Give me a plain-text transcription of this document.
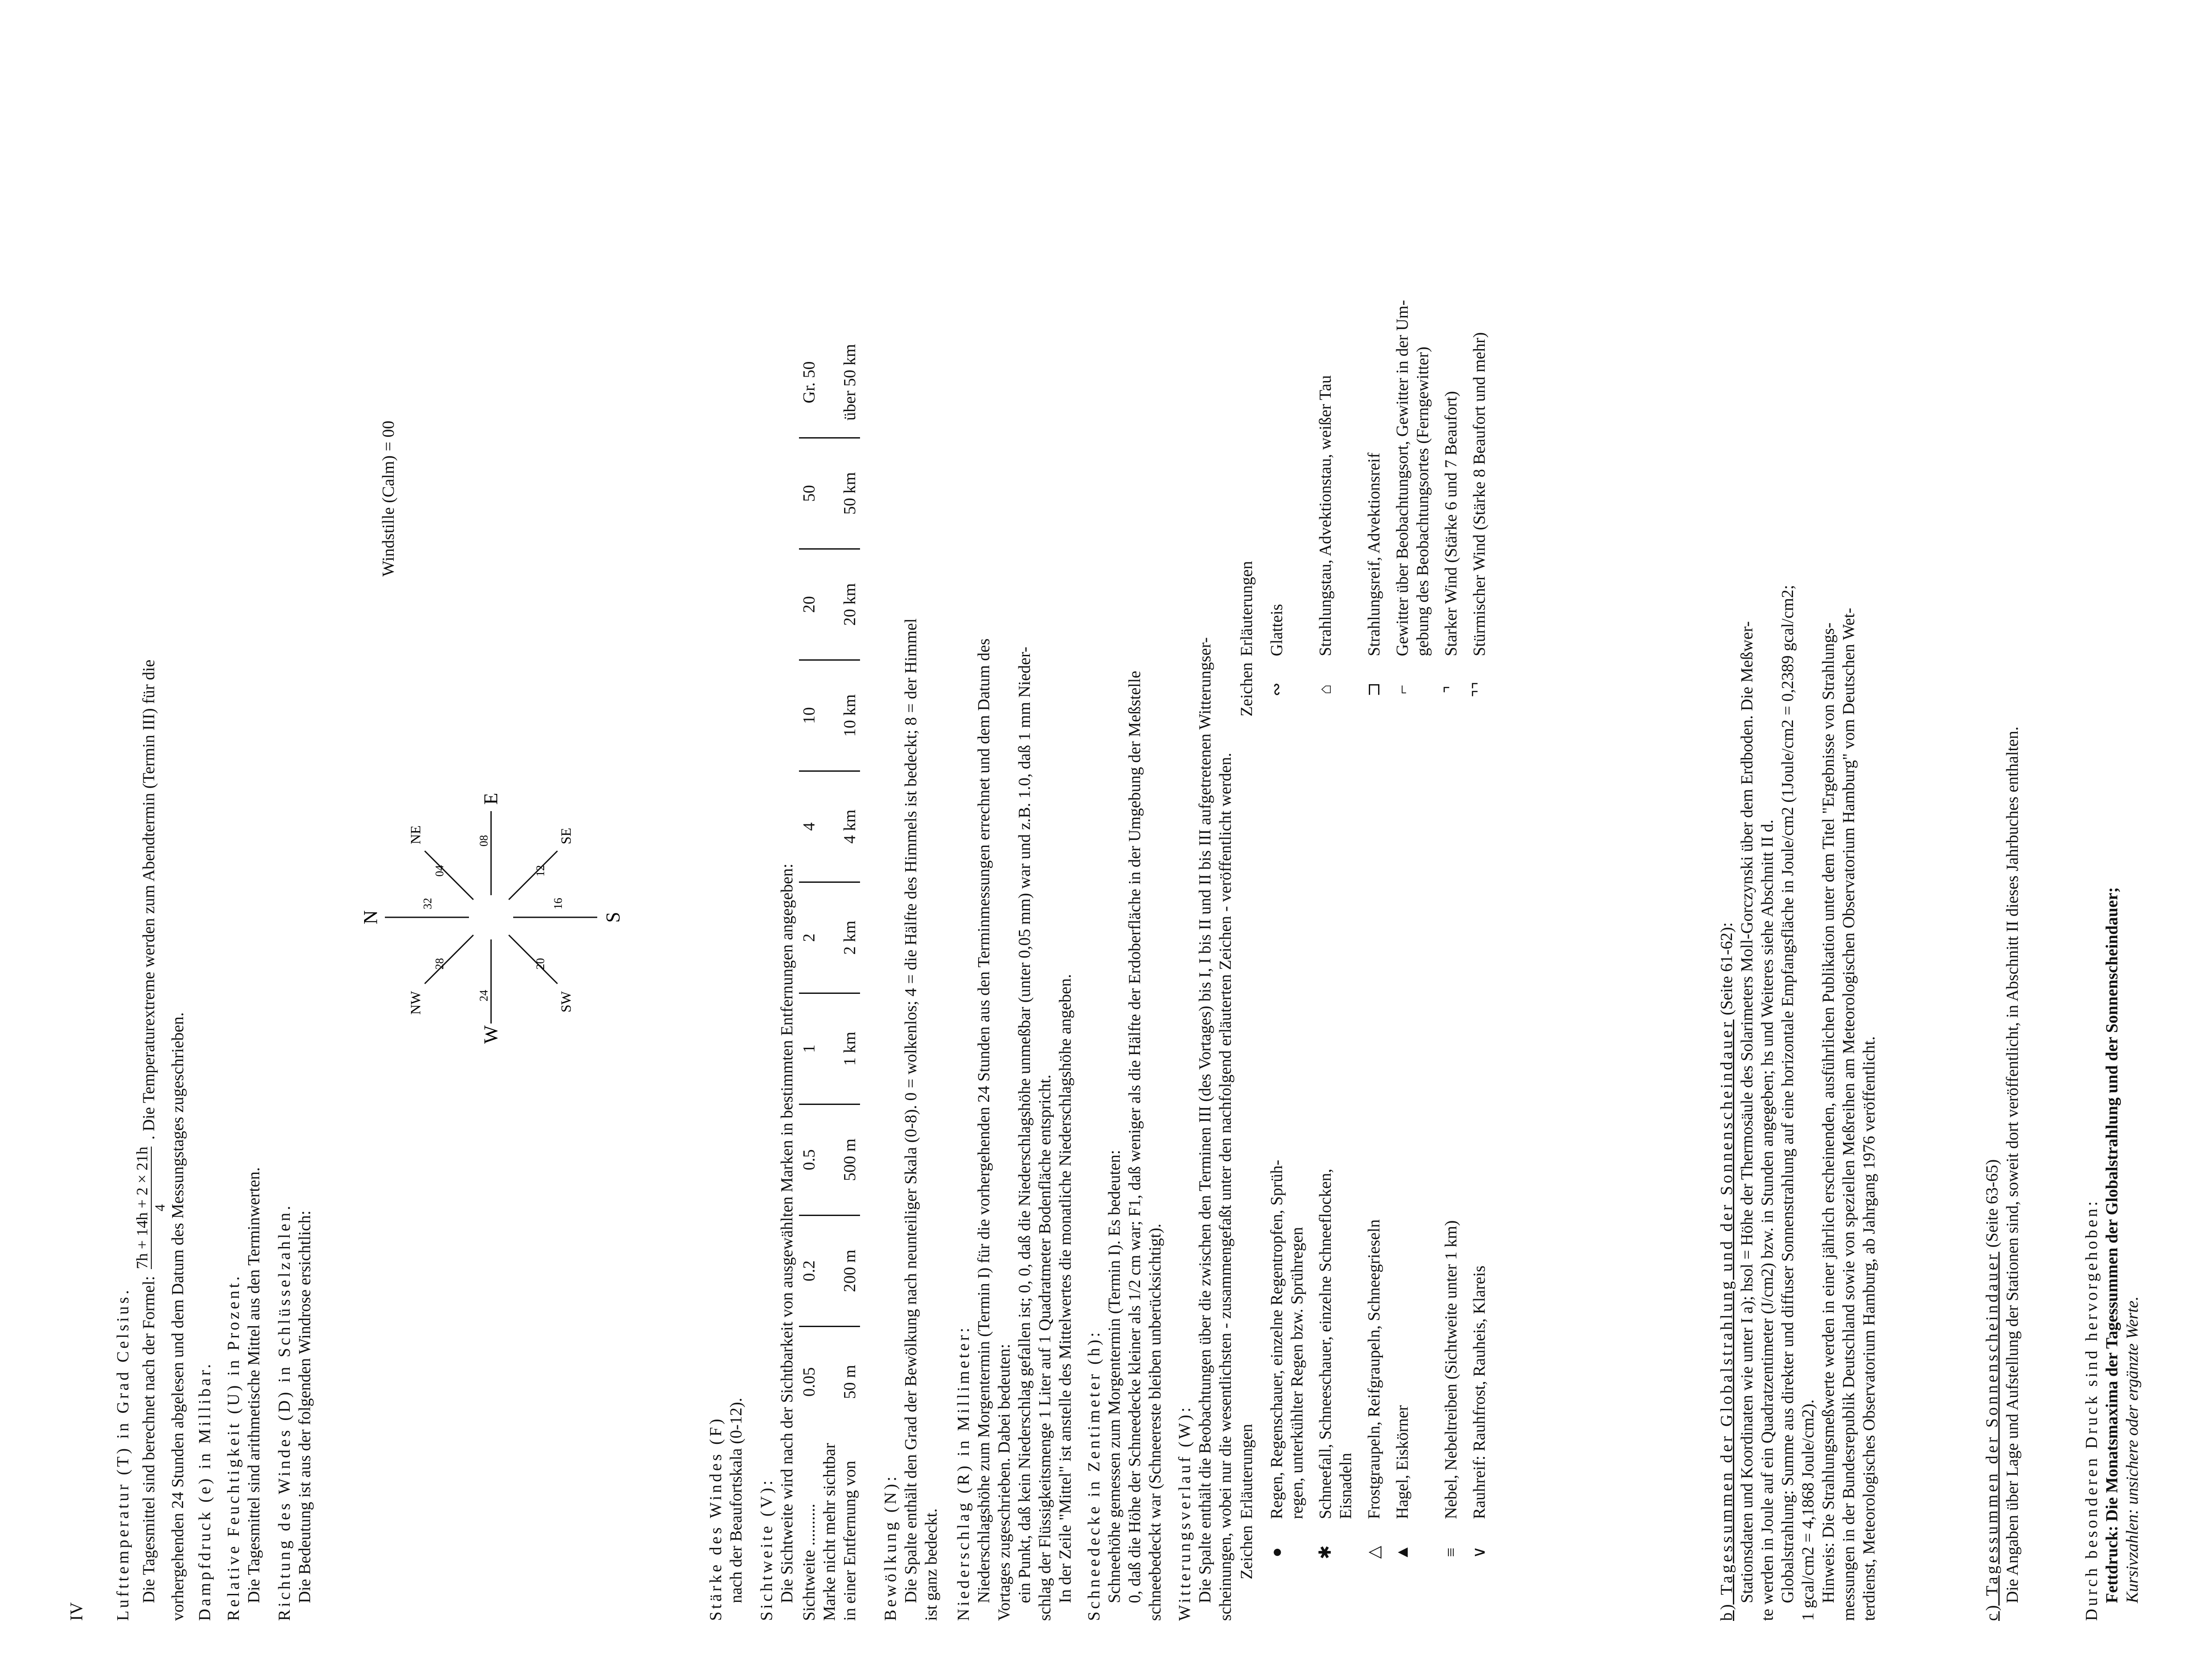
IV Lufttemperatur (T) in Grad Celsius. Die Tagesmittel sind berechnet nach der Formel:
7h + 14h + 2 × 21h 4
. Die Temperaturextreme werden zum Abendtermin (Termin III) für die
vorhergehenden 24 Stunden abgelesen und dem Datum des Messungstages zugeschrieben. Dampfdruck (e) in Millibar. Relative Feuchtigkeit (U) in Prozent. Die Tagesmittel sind arithmetische Mittel aus den Terminwerten. Richtung des Windes (D) in Schlüsselzahlen. Die Bedeutung ist aus der folgenden Windrose ersichtlich:
N	S
W
E
NE	SE
SW
NW
32
04
08
12
16
20
24
28
Windstille (Calm) = 00
Stärke des Windes (F) nach der Beaufortskala (0-12). Sichtweite (V): Die Sichtweite wird nach der Sichtbarkeit von ausgewählten Marken in bestimmten Entfernungen angegeben: Sichtweite ..........	0.05	0.2	0.5	1	2	4	10	20	50	Gr. 50
Marke nicht mehr sichtbar										
in einer Entfernung von	50 m	200 m	500 m	1 km	2 km	4 km	10 km	20 km	50 km	über 50 km
Bewölkung (N): Die Spalte enthält den Grad der Bewölkung nach neunteiliger Skala (0-8). 0 = wolkenlos; 4 = die Hälfte des Himmels ist bedeckt; 8 = der Himmel ist ganz bedeckt. Niederschlag (R) in Millimeter: Niederschlagshöhe zum Morgentermin (Termin I) für die vorhergehenden 24 Stunden aus den Terminmessungen errechnet und dem Datum des Vortages zugeschrieben. Dabei bedeuten: ein Punkt, daß kein Niederschlag gefallen ist; 0, 0, daß die Niederschlagshöhe unmeßbar (unter 0,05 mm) war und z.B. 1.0, daß 1 mm Nieder- schlag der Flüssigkeitsmenge 1 Liter auf 1 Quadratmeter Bodenfläche entspricht. In der Zeile "Mittel" ist anstelle des Mittelwertes die monatliche Niederschlagshöhe angeben. Schneedecke in Zentimeter (h): Schneehöhe gemessen zum Morgentermin (Termin I). Es bedeuten: 0, daß die Höhe der Schneedecke kleiner als 1/2 cm war; F1, daß weniger als die Hälfte der Erdoberfläche in der Umgebung der Meßstelle schneebedeckt war (Schneereste bleiben unberücksichtigt). Witterungsverlauf (W): Die Spalte enthält die Beobachtungen über die zwischen den Terminen III (des Vortages) bis I, I bis II und II bis III aufgetretenen Witterungser- scheinungen, wobei nur die wesentlichsten - zusammengefaßt unter den nachfolgend erläuterten Zeichen - veröffentlicht werden. Zeichen
Erläuterungen
●
Regen, Regenschauer, einzelne Regentropfen, Sprüh- regen, unterkühlter Regen bzw. Sprühregen
✱
Schneefall, Schneeschauer, einzelne Schneeflocken, Eisnadeln
△
Frostgraupeln, Reifgraupeln, Schneegrieseln
▲
Hagel, Eiskörner
≡
Nebel, Nebeltreiben (Sichtweite unter 1 km)
∨
Rauhreif: Rauhfrost, Rauheis, Klareis
Zeichen
Erläuterungen
∾
Glatteis
⌂
Strahlungstau, Advektionstau, weißer Tau
⊐
Strahlungsreif, Advektionsreif
⌐
Gewitter über Beobachtungsort, Gewitter in der Um- gebung des Beobachtungsortes (Ferngewitter)
⌝
Starker Wind (Stärke 6 und 7 Beaufort)
⌝⌝
Stürmischer Wind (Stärke 8 Beaufort und mehr)
b) Tagessummen der Globalstrahlung und der Sonnenscheindauer (Seite 61-62): Stationsdaten und Koordinaten wie unter I a); hsol = Höhe der Thermosäule des Solarimeters Moll-Gorczynski über dem Erdboden. Die Meßwer- te werden in Joule auf ein Quadratzentimeter (J/cm2) bzw. in Stunden angegeben; hs und Weiteres siehe Abschnitt II d. Globalstrahlung: Summe aus direkter und diffuser Sonnenstrahlung auf eine horizontale Empfangsfläche in Joule/cm2 (1Joule/cm2 = 0,2389 gcal/cm2; 1 gcal/cm2 = 4,1868 Joule/cm2). Hinweis: Die Strahlungsmeßwerte werden in einer jährlich erscheinenden, ausführlichen Publikation unter dem Titel "Ergebnisse von Strahlungs- messungen in der Bundesrepublik Deutschland sowie von speziellen Meßreihen am Meteorologischen Observatorium Hamburg" vom Deutschen Wet- terdienst, Meteorologisches Observatorium Hamburg, ab Jahrgang 1976 veröffentlicht.	c) Tagessummen der Sonnenscheindauer (Seite 63-65) Die Angaben über Lage und Aufstellung der Stationen sind, soweit dort veröffentlicht, in Abschnitt II dieses Jahrbuches enthalten.	Durch besonderen Druck sind hervorgehoben: Fettdruck: Die Monatsmaxima der Tagessummen der Globalstrahlung und der Sonnenscheindauer; Kursivzahlen: unsichere oder ergänzte Werte.
